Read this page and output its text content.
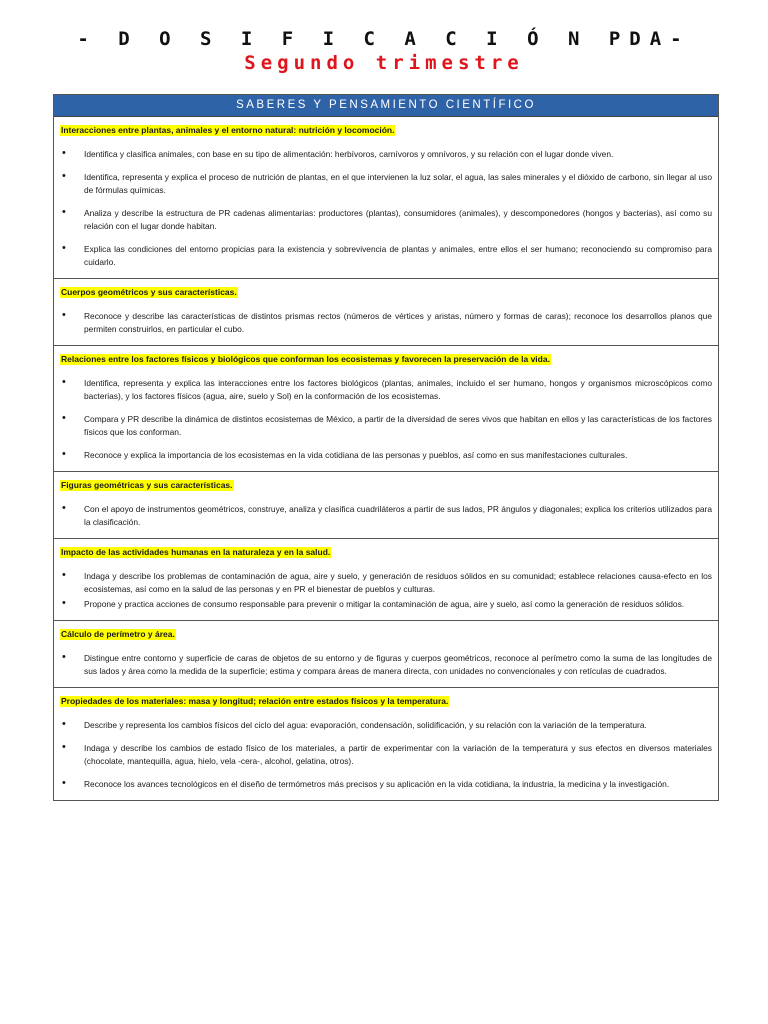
- D O S I F I C A C I Ó N PDA-
Segundo trimestre
SABERES Y PENSAMIENTO CIENTÍFICO
Interacciones entre plantas, animales y el entorno natural: nutrición y locomoción.
• Identifica y clasifica animales, con base en su tipo de alimentación: herbívoros, carnívoros y omnívoros, y su relación con el lugar donde viven.
• Identifica, representa y explica el proceso de nutrición de plantas, en el que intervienen la luz solar, el agua, las sales minerales y el dióxido de carbono, sin llegar al uso de fórmulas químicas.
• Analiza y describe la estructura de PR cadenas alimentarias: productores (plantas), consumidores (animales), y descomponedores (hongos y bacterias), así como su relación con el lugar donde habitan.
• Explica las condiciones del entorno propicias para la existencia y sobrevivencia de plantas y animales, entre ellos el ser humano; reconociendo su compromiso para cuidarlo.
Cuerpos geométricos y sus características.
• Reconoce y describe las características de distintos prismas rectos (números de vértices y aristas, número y formas de caras); reconoce los desarrollos planos que permiten construirlos, en particular el cubo.
Relaciones entre los factores físicos y biológicos que conforman los ecosistemas y favorecen la preservación de la vida.
• Identifica, representa y explica las interacciones entre los factores biológicos (plantas, animales, incluido el ser humano, hongos y organismos microscópicos como bacterias), y los factores físicos (agua, aire, suelo y Sol) en la conformación de los ecosistemas.
• Compara y PR describe la dinámica de distintos ecosistemas de México, a partir de la diversidad de seres vivos que habitan en ellos y las características de los factores físicos que los conforman.
• Reconoce y explica la importancia de los ecosistemas en la vida cotidiana de las personas y pueblos, así como en sus manifestaciones culturales.
Figuras geométricas y sus características.
• Con el apoyo de instrumentos geométricos, construye, analiza y clasifica cuadriláteros a partir de sus lados, PR ángulos y diagonales; explica los criterios utilizados para la clasificación.
Impacto de las actividades humanas en la naturaleza y en la salud.
• Indaga y describe los problemas de contaminación de agua, aire y suelo, y generación de residuos sólidos en su comunidad; establece relaciones causa-efecto en los ecosistemas, así como en la salud de las personas y en PR el bienestar de pueblos y culturas.
• Propone y practica acciones de consumo responsable para prevenir o mitigar la contaminación de agua, aire y suelo, así como la generación de residuos sólidos.
Cálculo de perímetro y área.
• Distingue entre contorno y superficie de caras de objetos de su entorno y de figuras y cuerpos geométricos, reconoce al perímetro como la suma de las longitudes de sus lados y área como la medida de la superficie; estima y compara áreas de manera directa, con unidades no convencionales y con retículas de cuadrados.
Propiedades de los materiales: masa y longitud; relación entre estados físicos y la temperatura.
• Describe y representa los cambios físicos del ciclo del agua: evaporación, condensación, solidificación, y su relación con la variación de la temperatura.
• Indaga y describe los cambios de estado físico de los materiales, a partir de experimentar con la variación de la temperatura y sus efectos en diversos materiales (chocolate, mantequilla, agua, hielo, vela -cera-, alcohol, gelatina, otros).
• Reconoce los avances tecnológicos en el diseño de termómetros más precisos y su aplicación en la vida cotidiana, la industria, la medicina y la investigación.
